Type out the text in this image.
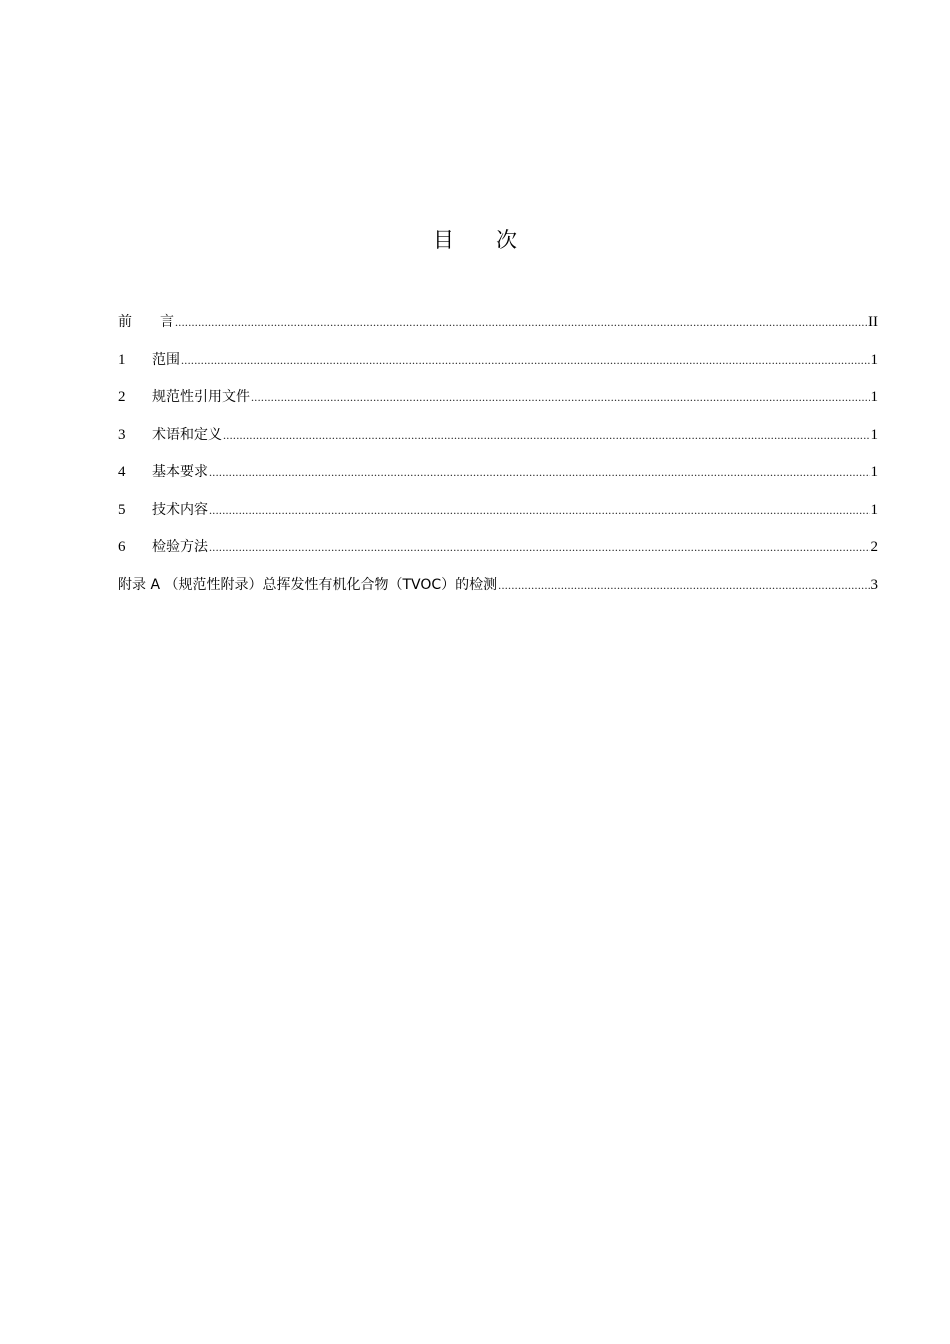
目　　次
前　　言 .....	II
1	范围 .....	1
2	规范性引用文件 .....	1
3	术语和定义 .....	1
4	基本要求 .....	1
5	技术内容 .....	1
6	检验方法 .....	2
附录 A （规范性附录）总挥发性有机化合物（TVOC）的检测 .....	3
